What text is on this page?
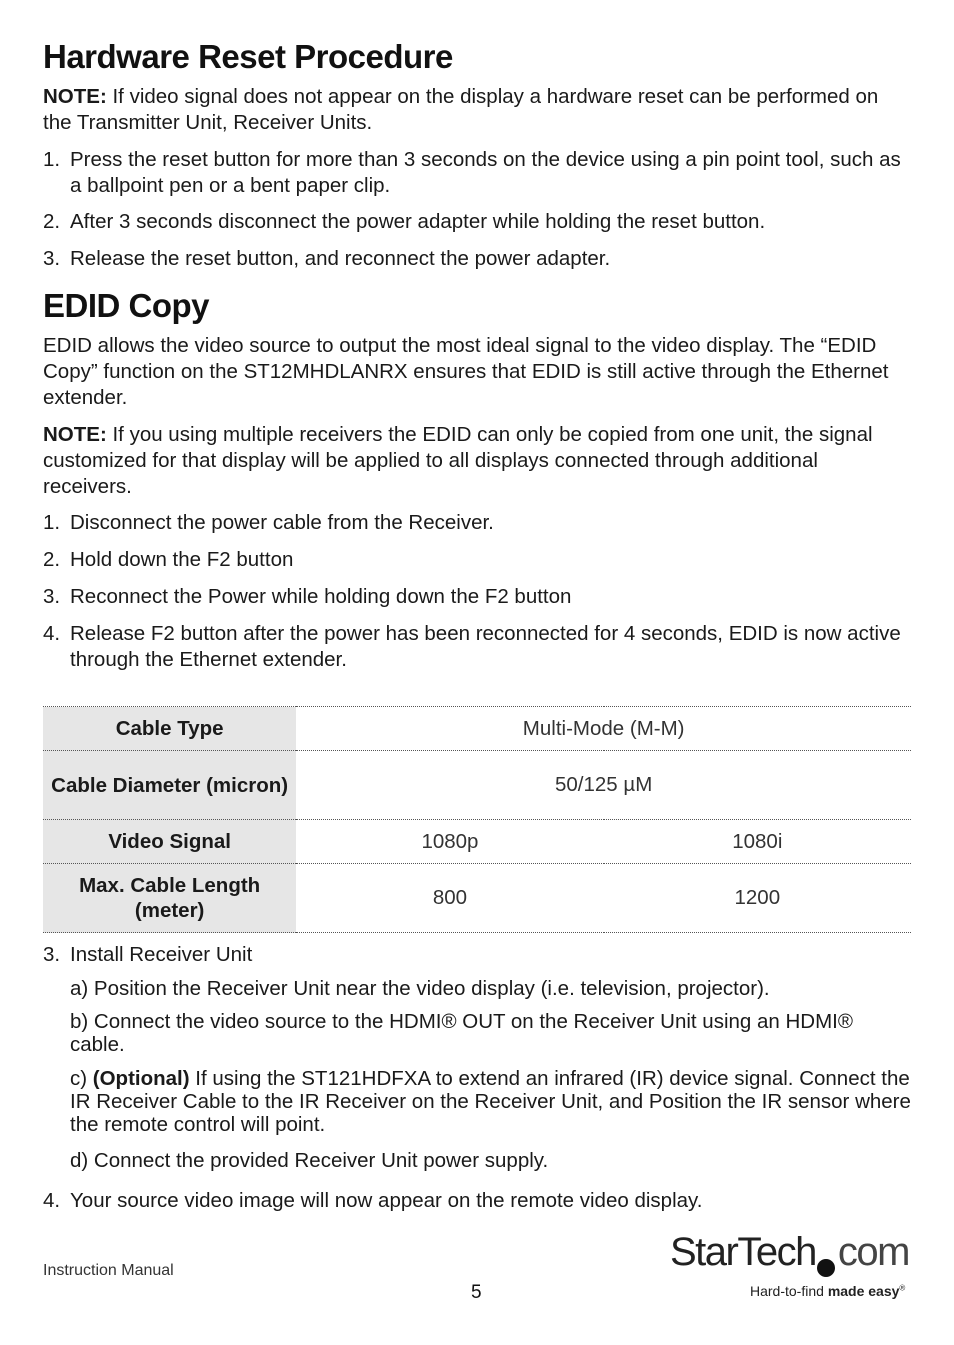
Hardware Reset Procedure

NOTE: If video signal does not appear on the display a hardware reset can be performed on the Transmitter Unit, Receiver Units.

1. Press the reset button for more than 3 seconds on the device using a pin point tool, such as a ballpoint pen or a bent paper clip.
2. After 3 seconds disconnect the power adapter while holding the reset button.
3. Release the reset button, and reconnect the power adapter.
EDID Copy

EDID allows the video source to output the most ideal signal to the video display. The “EDID Copy” function on the ST12MHDLANRX ensures that EDID is still active through the Ethernet extender.

NOTE: If you using multiple receivers the EDID can only be copied from one unit, the signal customized for that display will be applied to all displays connected through additional receivers.

1. Disconnect the power cable from the Receiver.
2. Hold down the F2 button
3. Reconnect the Power while holding down the F2 button
4. Release F2 button after the power has been reconnected for 4 seconds, EDID is now active through the Ethernet extender.
Cable Type	Multi-Mode (M-M)	
Cable Diameter (micron)	50/125 µM	
Video Signal	1080p	1080i
Max. Cable Length (meter)	800	1200
3. Install Receiver Unit
a) Position the Receiver Unit near the video display (i.e. television, projector).
b) Connect the video source to the HDMI® OUT on the Receiver Unit using an HDMI® cable.
c) (Optional) If using the ST121HDFXA to extend an infrared (IR) device signal. Connect the IR Receiver Cable to the IR Receiver on the Receiver Unit, and Position the IR sensor where the remote control will point.
d) Connect the provided Receiver Unit power supply.
4. Your source video image will now appear on the remote video display.
Instruction Manual
5
StarTech com
Hard-to-find made easy®
